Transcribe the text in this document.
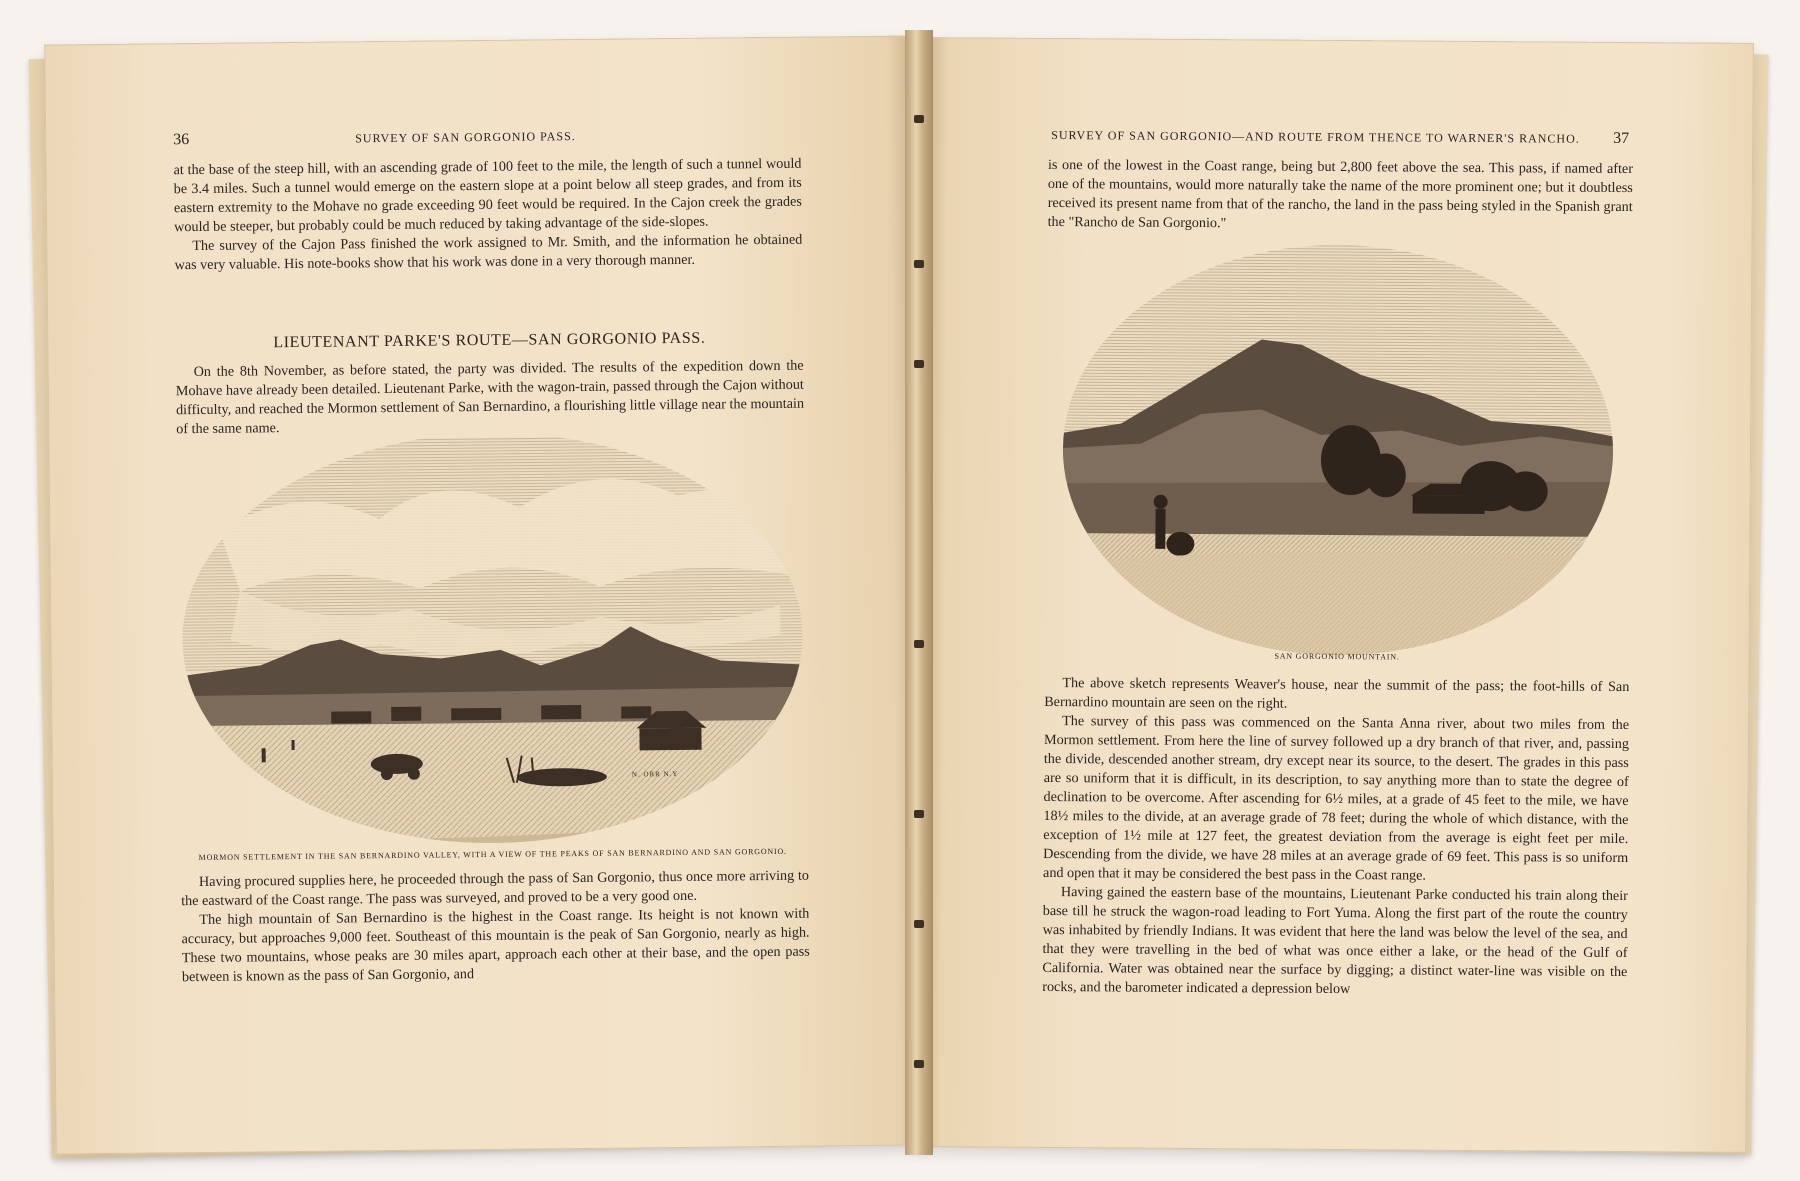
36	SURVEY OF SAN GORGONIO PASS.

at the base of the steep hill, with an ascending grade of 100 feet to the mile, the length of such a tunnel would be 3.4 miles. Such a tunnel would emerge on the eastern slope at a point below all steep grades, and from its eastern extremity to the Mohave no grade exceeding 90 feet would be required. In the Cajon creek the grades would be steeper, but probably could be much reduced by taking advantage of the side-slopes.

The survey of the Cajon Pass finished the work assigned to Mr. Smith, and the information he obtained was very valuable. His note-books show that his work was done in a very thorough manner.

LIEUTENANT PARKE'S ROUTE—SAN GORGONIO PASS.

On the 8th November, as before stated, the party was divided. The results of the expedition down the Mohave have already been detailed. Lieutenant Parke, with the wagon-train, passed through the Cajon without difficulty, and reached the Mormon settlement of San Bernardino, a flourishing little village near the mountain of the same name.

N. ORR N.Y
MORMON SETTLEMENT IN THE SAN BERNARDINO VALLEY, WITH A VIEW OF THE PEAKS OF SAN BERNARDINO AND SAN GORGONIO.

Having procured supplies here, he proceeded through the pass of San Gorgonio, thus once more arriving to the eastward of the Coast range. The pass was surveyed, and proved to be a very good one.

The high mountain of San Bernardino is the highest in the Coast range. Its height is not known with accuracy, but approaches 9,000 feet. Southeast of this mountain is the peak of San Gorgonio, nearly as high. These two mountains, whose peaks are 30 miles apart, approach each other at their base, and the open pass between is known as the pass of San Gorgonio, and

SURVEY OF SAN GORGONIO—AND ROUTE FROM THENCE TO WARNER'S RANCHO. 37

is one of the lowest in the Coast range, being but 2,800 feet above the sea. This pass, if named after one of the mountains, would more naturally take the name of the more prominent one; but it doubtless received its present name from that of the rancho, the land in the pass being styled in the Spanish grant the "Rancho de San Gorgonio."

SAN GORGONIO MOUNTAIN.

The above sketch represents Weaver's house, near the summit of the pass; the foot-hills of San Bernardino mountain are seen on the right.

The survey of this pass was commenced on the Santa Anna river, about two miles from the Mormon settlement. From here the line of survey followed up a dry branch of that river, and, passing the divide, descended another stream, dry except near its source, to the desert. The grades in this pass are so uniform that it is difficult, in its description, to say anything more than to state the degree of declination to be overcome. After ascending for 6½ miles, at a grade of 45 feet to the mile, we have 18½ miles to the divide, at an average grade of 78 feet; during the whole of which distance, with the exception of 1½ mile at 127 feet, the greatest deviation from the average is eight feet per mile. Descending from the divide, we have 28 miles at an average grade of 69 feet. This pass is so uniform and open that it may be considered the best pass in the Coast range.

Having gained the eastern base of the mountains, Lieutenant Parke conducted his train along their base till he struck the wagon-road leading to Fort Yuma. Along the first part of the route the country was inhabited by friendly Indians. It was evident that here the land was below the level of the sea, and that they were travelling in the bed of what was once either a lake, or the head of the Gulf of California. Water was obtained near the surface by digging; a distinct water-line was visible on the rocks, and the barometer indicated a depression below
